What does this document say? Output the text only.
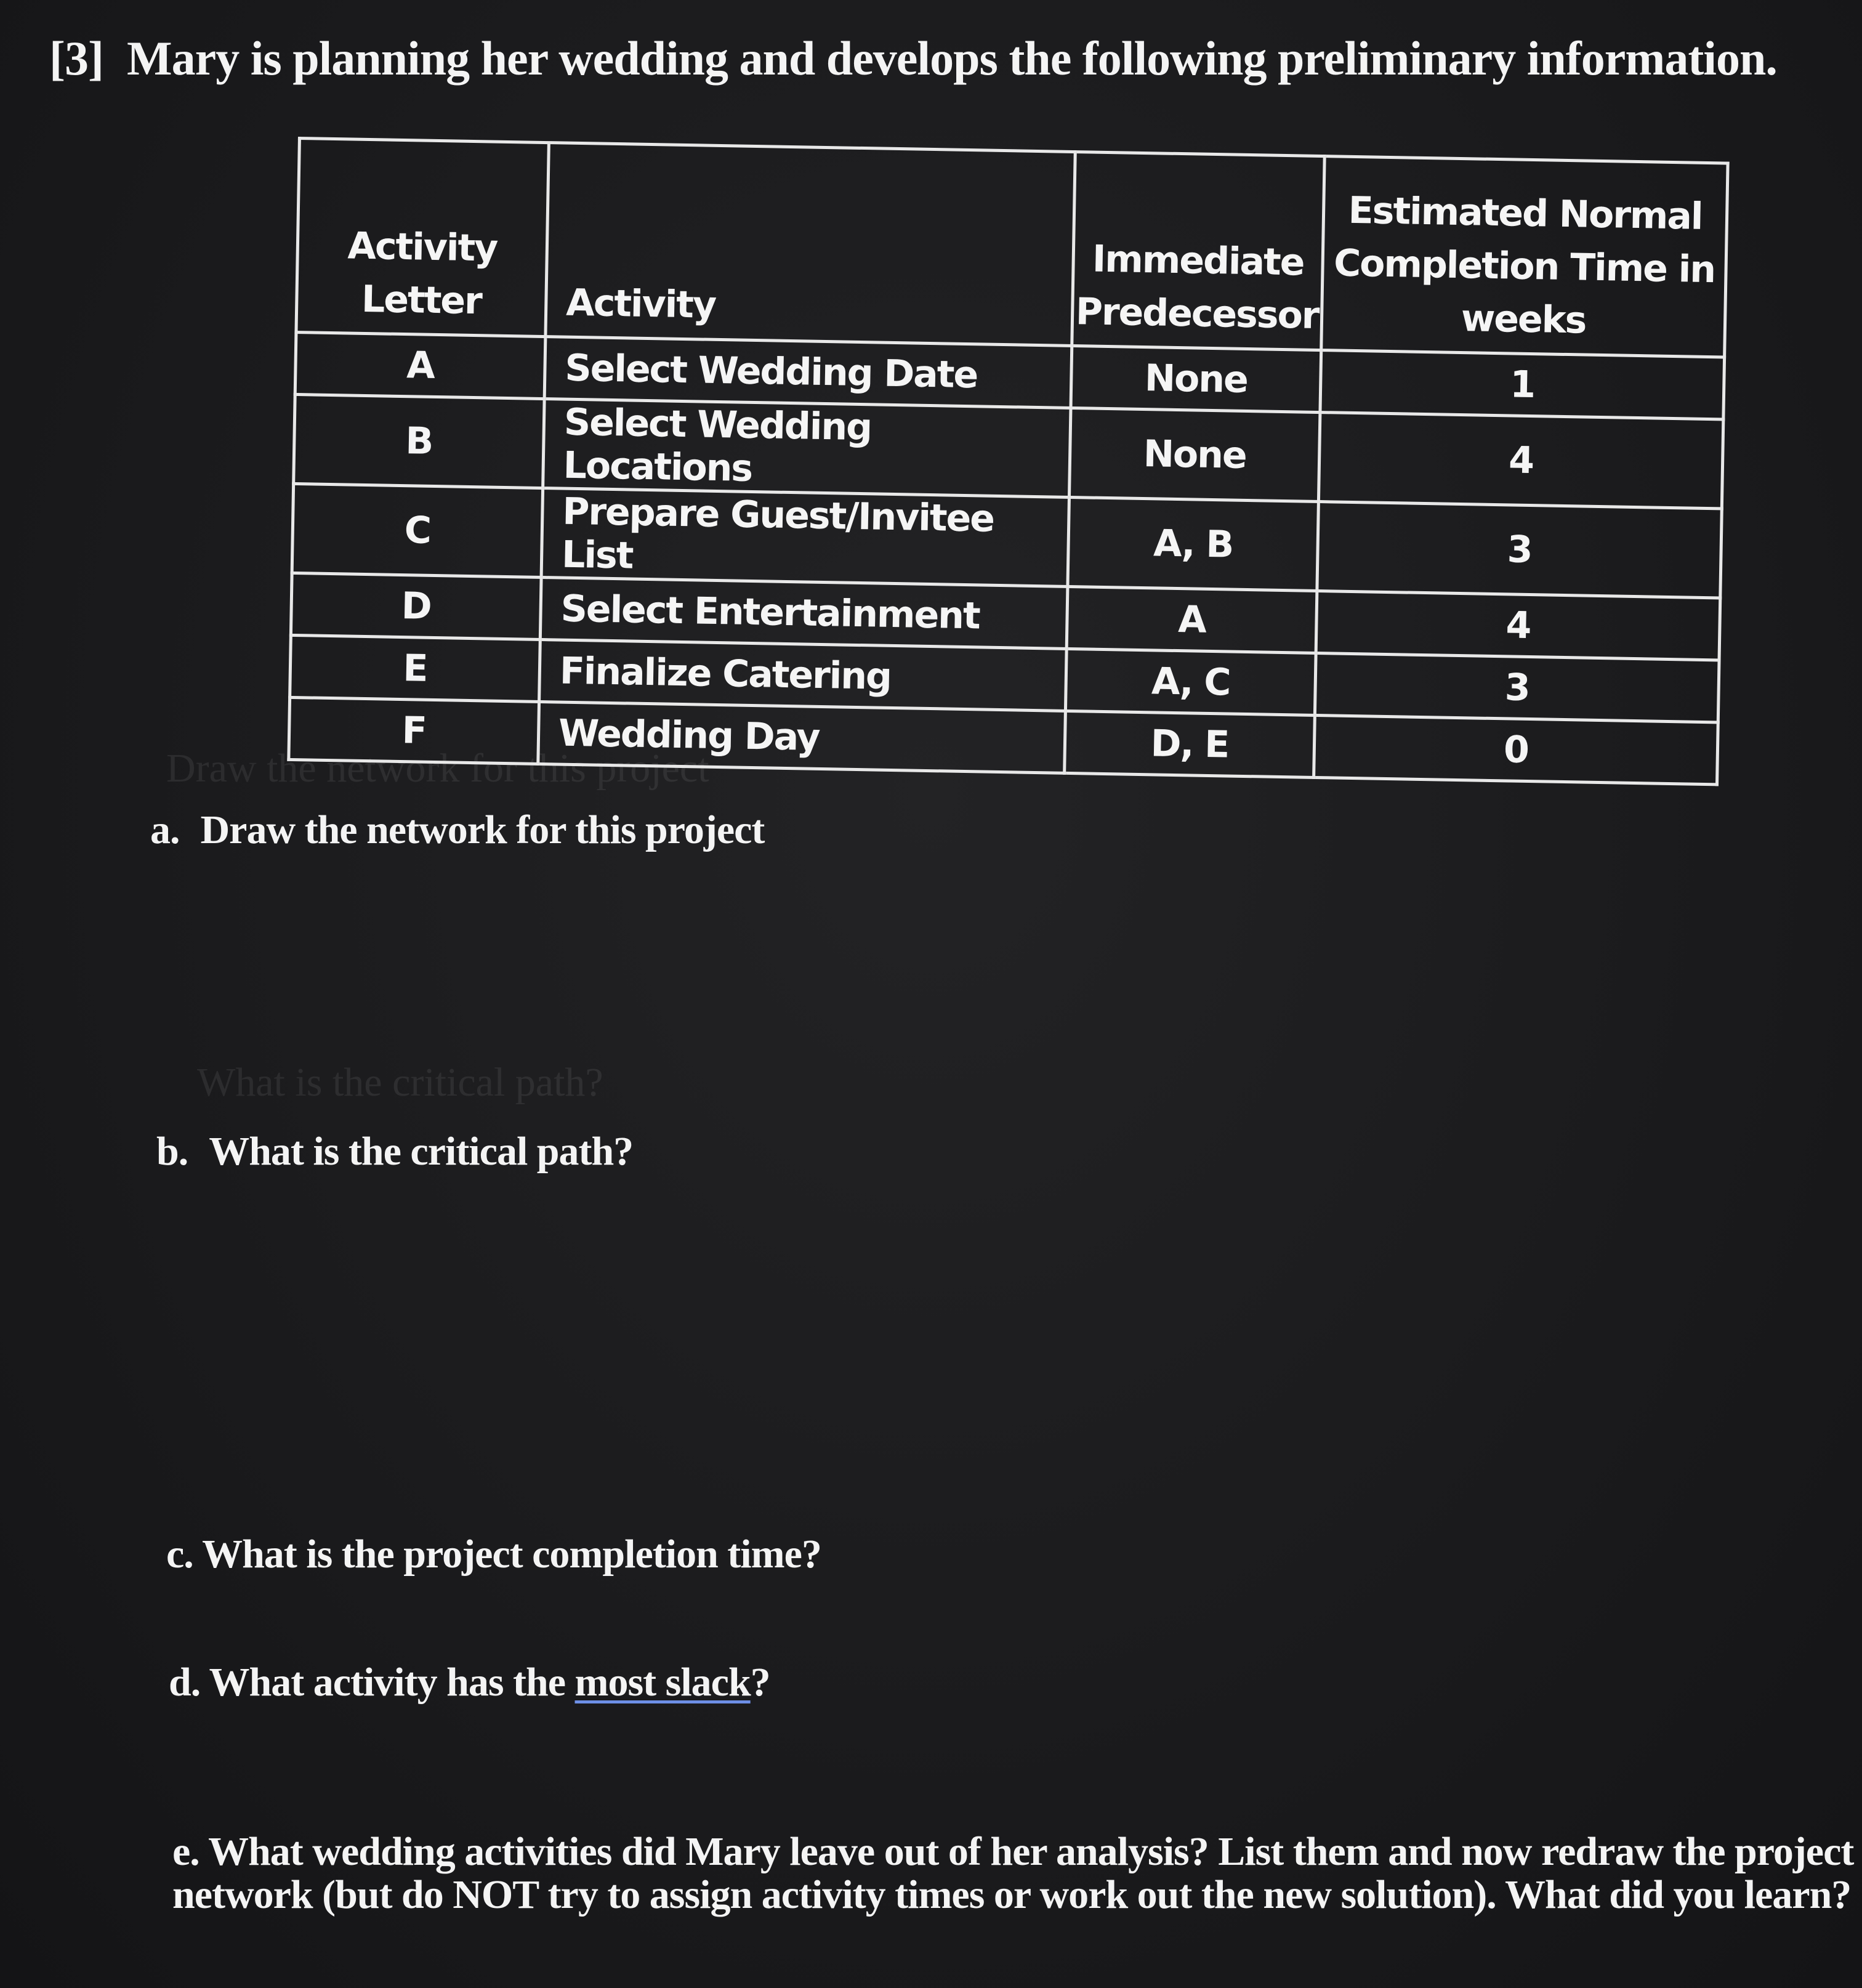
Draw the network for this project
What is the critical path?
[3] Mary is planning her wedding and develops the following preliminary information.
Activity Letter	Activity	Immediate Predecessor	Estimated Normal Completion Time in weeks
A	Select Wedding Date	None	1
B	Select Wedding Locations	None	4
C	Prepare Guest/Invitee List	A, B	3
D	Select Entertainment	A	4
E	Finalize Catering	A, C	3
F	Wedding Day	D, E	0
a. Draw the network for this project
b. What is the critical path?
c. What is the project completion time?
d. What activity has the most slack?
e. What wedding activities did Mary leave out of her analysis? List them and now redraw the project network (but do NOT try to assign activity times or work out the new solution). What did you learn?
